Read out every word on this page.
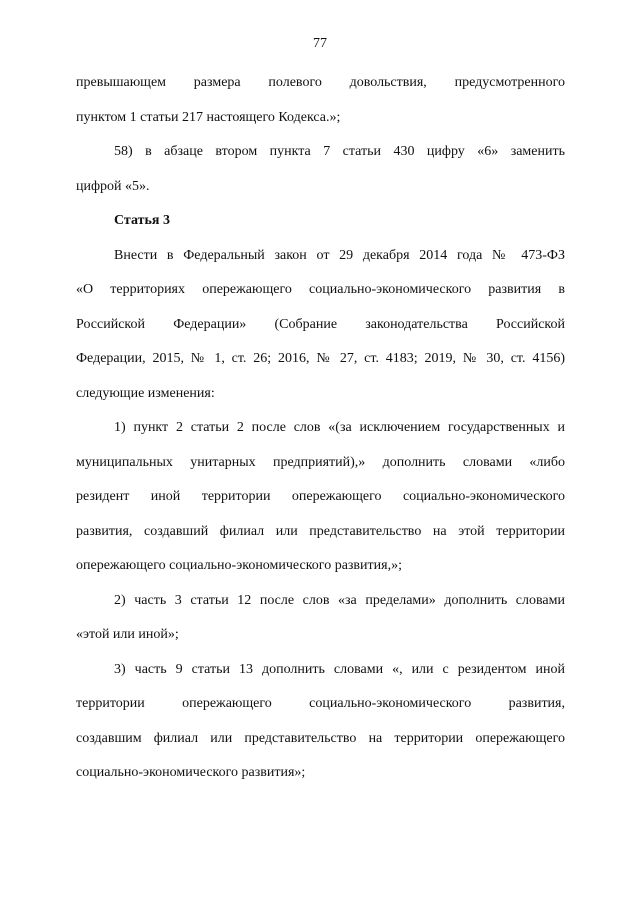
77
превышающем размера полевого довольствия, предусмотренного
пунктом 1 статьи 217 настоящего Кодекса.»;
58) в абзаце втором пункта 7 статьи 430 цифру «6» заменить
цифрой «5».
Статья 3
Внести в Федеральный закон от 29 декабря 2014 года № 473-ФЗ
«О территориях опережающего социально-экономического развития в
Российской Федерации» (Собрание законодательства Российской
Федерации, 2015, № 1, ст. 26; 2016, № 27, ст. 4183; 2019, № 30, ст. 4156)
следующие изменения:
1) пункт 2 статьи 2 после слов «(за исключением государственных и
муниципальных унитарных предприятий),» дополнить словами «либо
резидент иной территории опережающего социально-экономического
развития, создавший филиал или представительство на этой территории
опережающего социально-экономического развития,»;
2) часть 3 статьи 12 после слов «за пределами» дополнить словами
«этой или иной»;
3) часть 9 статьи 13 дополнить словами «, или с резидентом иной
территории опережающего социально-экономического развития,
создавшим филиал или представительство на территории опережающего
социально-экономического развития»;
